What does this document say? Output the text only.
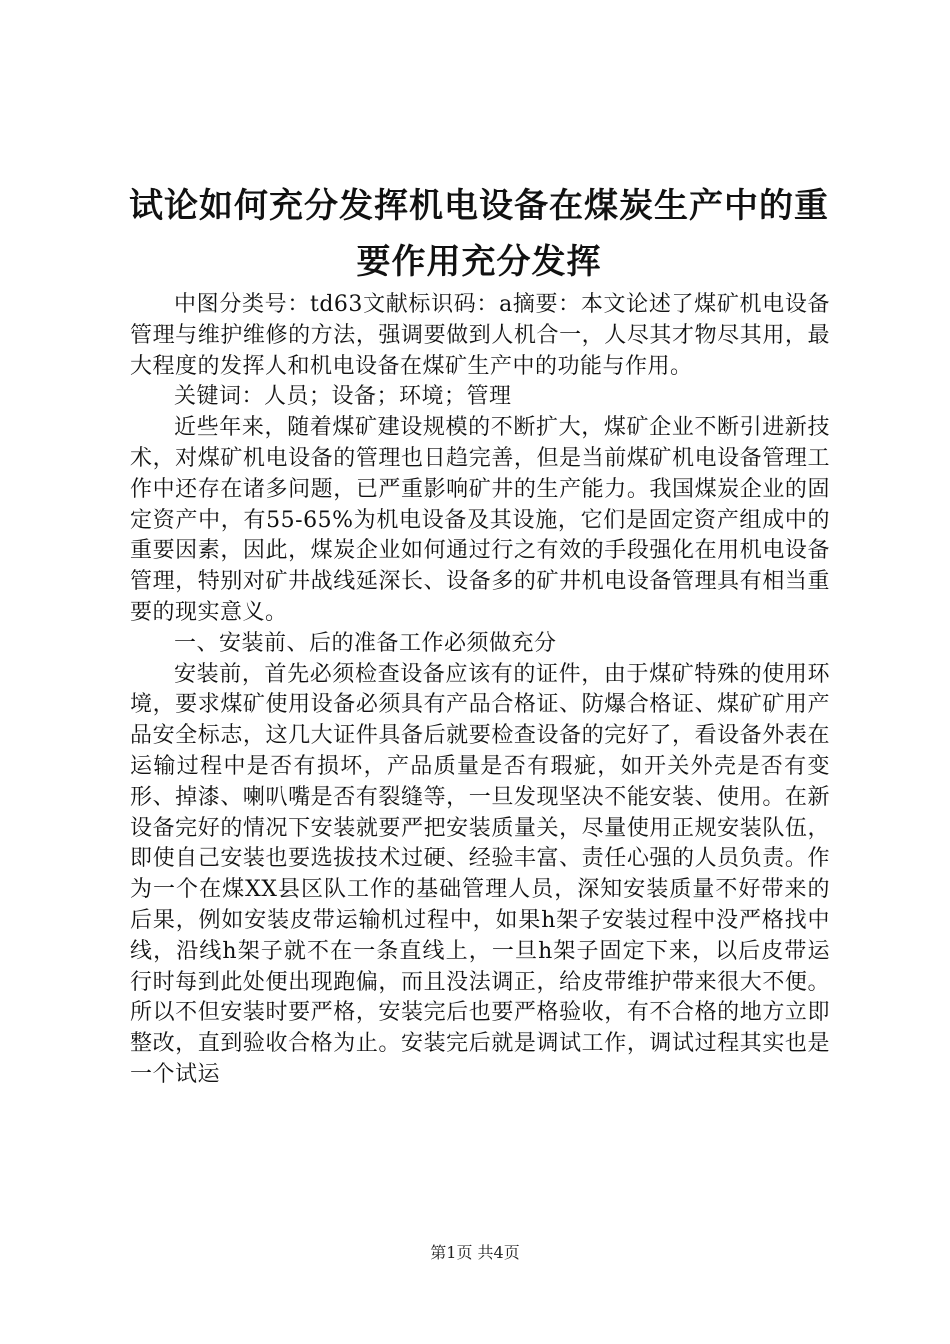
试论如何充分发挥机电设备在煤炭生产中的重要作用充分发挥

中图分类号：td63文献标识码：a摘要：本文论述了煤矿机电设备管理与维护维修的方法，强调要做到人机合一，人尽其才物尽其用，最大程度的发挥人和机电设备在煤矿生产中的功能与作用。

关键词：人员；设备；环境；管理

近些年来，随着煤矿建设规模的不断扩大，煤矿企业不断引进新技术，对煤矿机电设备的管理也日趋完善，但是当前煤矿机电设备管理工作中还存在诸多问题，已严重影响矿井的生产能力。我国煤炭企业的固定资产中，有55-65%为机电设备及其设施，它们是固定资产组成中的重要因素，因此，煤炭企业如何通过行之有效的手段强化在用机电设备管理，特别对矿井战线延深长、设备多的矿井机电设备管理具有相当重要的现实意义。

一、安装前、后的准备工作必须做充分

安装前，首先必须检查设备应该有的证件，由于煤矿特殊的使用环境，要求煤矿使用设备必须具有产品合格证、防爆合格证、煤矿矿用产品安全标志，这几大证件具备后就要检查设备的完好了，看设备外表在运输过程中是否有损坏，产品质量是否有瑕疵，如开关外壳是否有变形、掉漆、喇叭嘴是否有裂缝等，一旦发现坚决不能安装、使用。在新设备完好的情况下安装就要严把安装质量关，尽量使用正规安装队伍，即使自己安装也要选拔技术过硬、经验丰富、责任心强的人员负责。作为一个在煤XX县区队工作的基础管理人员，深知安装质量不好带来的后果，例如安装皮带运输机过程中，如果h架子安装过程中没严格找中线，沿线h架子就不在一条直线上，一旦h架子固定下来，以后皮带运行时每到此处便出现跑偏，而且没法调正，给皮带维护带来很大不便。所以不但安装时要严格，安装完后也要严格验收，有不合格的地方立即整改，直到验收合格为止。安装完后就是调试工作，调试过程其实也是一个试运

第1页 共4页
